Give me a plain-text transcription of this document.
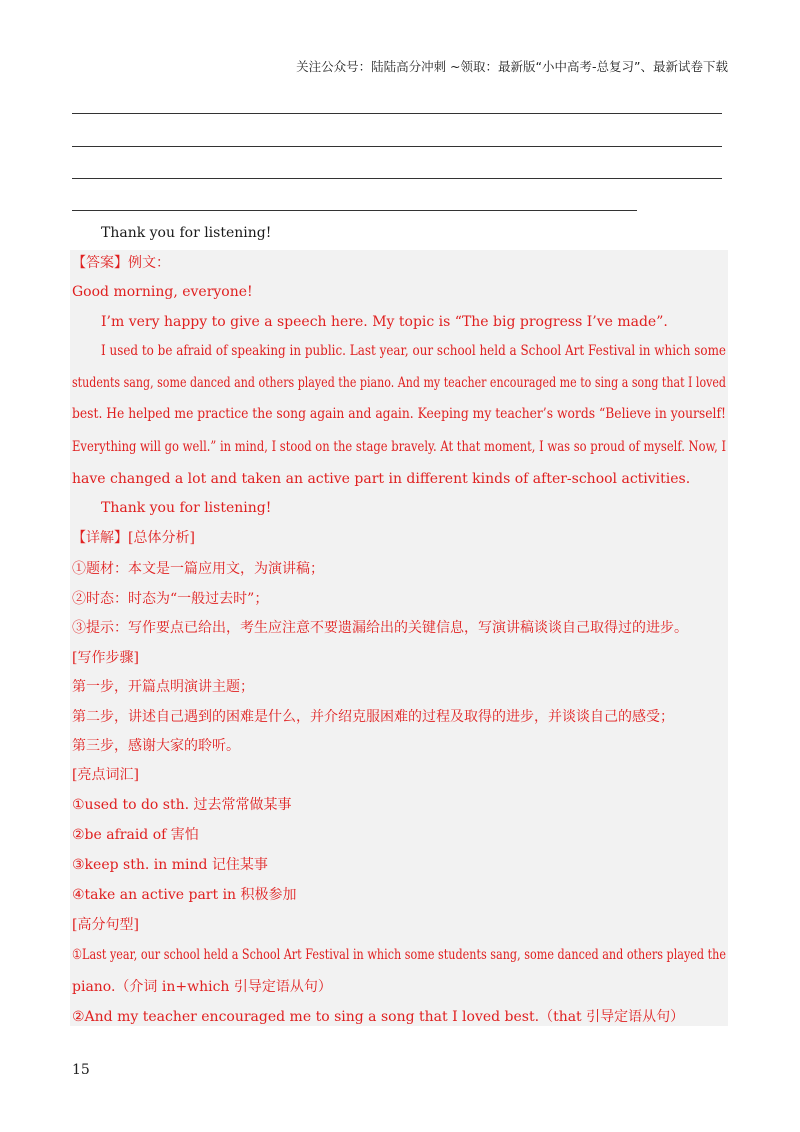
关注公众号：陆陆高分冲刺 ~领取：最新版“小中高考-总复习”、最新试卷下载
Thank you for listening!
【答案】例文：
Good morning, everyone!
I’m very happy to give a speech here. My topic is “The big progress I’ve made”.
I used to be afraid of speaking in public. Last year, our school held a School Art Festival in which some
students sang, some danced and others played the piano. And my teacher encouraged me to sing a song that I loved
best. He helped me practice the song again and again. Keeping my teacher’s words “Believe in yourself!
Everything will go well.” in mind, I stood on the stage bravely. At that moment, I was so proud of myself. Now, I
have changed a lot and taken an active part in different kinds of after-school activities.
Thank you for listening!
【详解】[总体分析]
①题材：本文是一篇应用文，为演讲稿；
②时态：时态为“一般过去时”；
③提示：写作要点已给出，考生应注意不要遗漏给出的关键信息，写演讲稿谈谈自己取得过的进步。
[写作步骤]
第一步，开篇点明演讲主题；
第二步，讲述自己遇到的困难是什么，并介绍克服困难的过程及取得的进步，并谈谈自己的感受；
第三步，感谢大家的聆听。
[亮点词汇]
①used to do sth. 过去常常做某事
②be afraid of 害怕
③keep sth. in mind 记住某事
④take an active part in 积极参加
[高分句型]
①Last year, our school held a School Art Festival in which some students sang, some danced and others played the
piano.（介词 in+which 引导定语从句）
②And my teacher encouraged me to sing a song that I loved best.（that 引导定语从句）
15
